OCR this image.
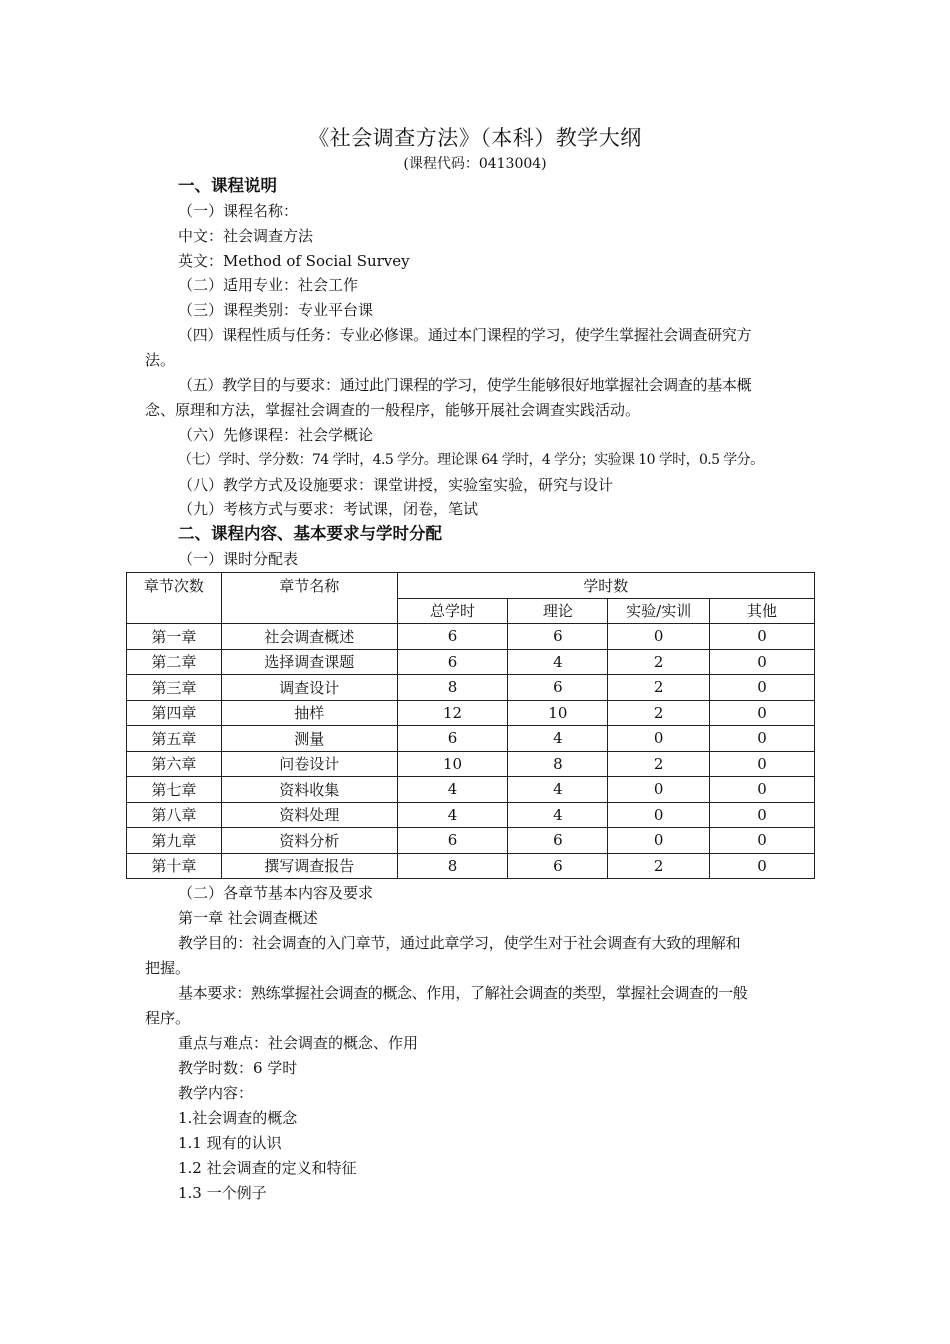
《社会调查方法》（本科）教学大纲
(课程代码：0413004)
一、课程说明
（一）课程名称：
中文：社会调查方法
英文：Method of Social Survey
（二）适用专业：社会工作
（三）课程类别：专业平台课
（四）课程性质与任务：专业必修课。通过本门课程的学习，使学生掌握社会调查研究方
法。
（五）教学目的与要求：通过此门课程的学习，使学生能够很好地掌握社会调查的基本概
念、原理和方法，掌握社会调查的一般程序，能够开展社会调查实践活动。
（六）先修课程：社会学概论
（七）学时、学分数：74 学时，4.5 学分。理论课 64 学时，4 学分；实验课 10 学时，0.5 学分。
（八）教学方式及设施要求：课堂讲授，实验室实验，研究与设计
（九）考核方式与要求：考试课，闭卷，笔试
二、课程内容、基本要求与学时分配
（一）课时分配表
章节次数	章节名称	学时数			
		总学时	理论	实验/实训	其他
第一章	社会调查概述	6	6	0	0
第二章	选择调查课题	6	4	2	0
第三章	调查设计	8	6	2	0
第四章	抽样	12	10	2	0
第五章	测量	6	4	0	0
第六章	问卷设计	10	8	2	0
第七章	资料收集	4	4	0	0
第八章	资料处理	4	4	0	0
第九章	资料分析	6	6	0	0
第十章	撰写调查报告	8	6	2	0
（二）各章节基本内容及要求
第一章 社会调查概述
教学目的：社会调查的入门章节，通过此章学习，使学生对于社会调查有大致的理解和
把握。
基本要求：熟练掌握社会调查的概念、作用，了解社会调查的类型，掌握社会调查的一般
程序。
重点与难点：社会调查的概念、作用
教学时数：6 学时
教学内容：
1.社会调查的概念
1.1 现有的认识
1.2 社会调查的定义和特征
1.3 一个例子
